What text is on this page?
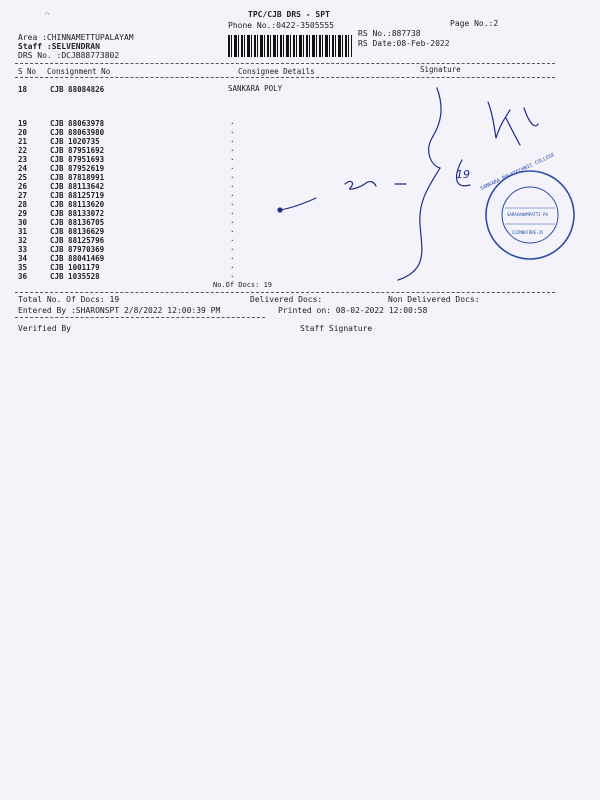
⌒	TPC/CJB DRS - SPT
Phone No.:0422-3505555	Page No.:2
Area :CHINNAMETTUPALAYAM
Staff :SELVENDRAN
DRS No. :DCJB88773802
RS No.:887738
RS Date:08-Feb-2022
S No Consignment No	Consignee Details	Signature
18	CJB 88084826	SANKARA POLY
19	CJB 88063978	.
20	CJB 88063980	.
21	CJB 1020735	.
22	CJB 87951692	.
23	CJB 87951693	.
24	CJB 87952619	.
25	CJB 87818991	.
26	CJB 88113642	.
27	CJB 88125719	.
28	CJB 88113620	.
29	CJB 88133072	.
30	CJB 88136705	.
31	CJB 88136629	.
32	CJB 88125796	.
33	CJB 87970369	.
34	CJB 88041469	.
35	CJB 1001179	.
36	CJB 1035528	.
No.Of Docs: 19
Total No. Of Docs: 19	Delivered Docs:	Non Delivered Docs:
Entered By :SHARONSPT 2/8/2022 12:00:39 PM	Printed on: 08-02-2022 12:00:58
Verified By	Staff Signature
19
SARAVANAMPATTI PO
COIMBATORE-35
SANKARA POLYTECHNIC COLLEGE
